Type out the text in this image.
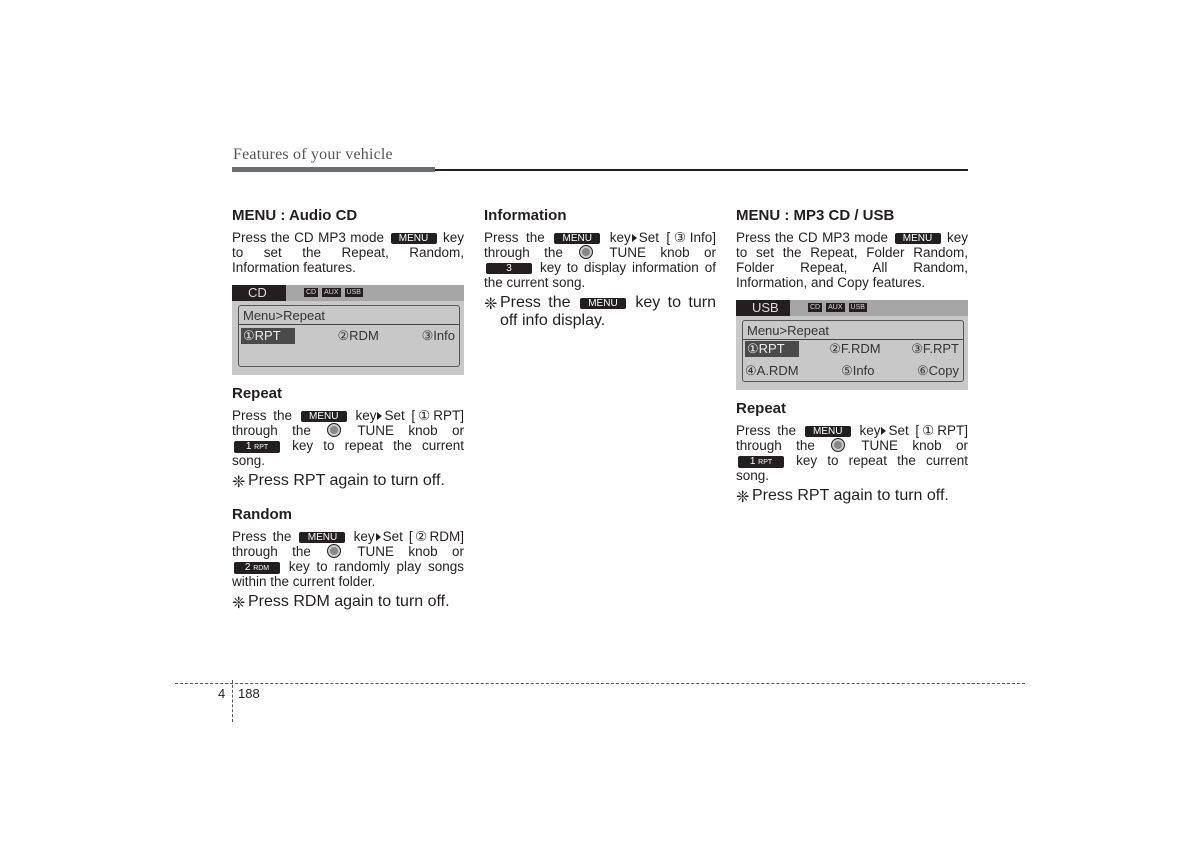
Features of your vehicle
MENU : Audio CD

Press the CD MP3 mode MENU key to set the Repeat, Random, Information features.

CD	CD AUX USB
Menu>Repeat
①RPT	②RDM	③Info
Repeat

Press the MENU key Set [①RPT] through the	TUNE knob or 1 RPT key to repeat the current song.

❈ Press RPT again to turn off.
Random

Press the MENU key Set [②RDM] through the	TUNE knob or 2 RDM key to randomly play songs within the current folder.

❈ Press RDM again to turn off.
Information

Press the MENU key Set [③Info] through the	TUNE knob or 3 key to display information of the current song.

❈ Press the MENU key to turn off info display.
MENU : MP3 CD / USB

Press the CD MP3 mode MENU key to set the Repeat, Folder Random, Folder Repeat, All Random, Information, and Copy features.

USB	CD AUX USB
Menu>Repeat
①RPT	②F.RDM ③F.RPT
④A.RDM	⑤Info	⑥Copy
Repeat

Press the MENU key Set [①RPT] through the	TUNE knob or 1 RPT key to repeat the current song.

❈ Press RPT again to turn off.
4 188
